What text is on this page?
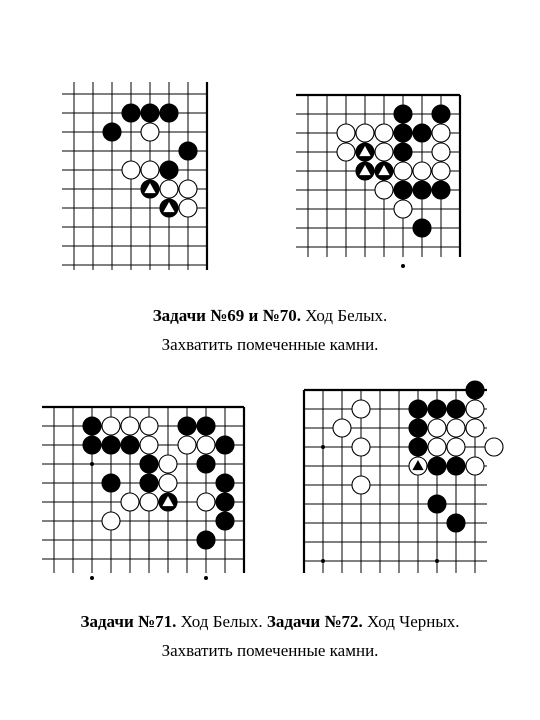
Задачи №69 и №70. Ход Белых.
Захватить помеченные камни.
Задачи №71. Ход Белых. Задачи №72. Ход Черных.
Захватить помеченные камни.
